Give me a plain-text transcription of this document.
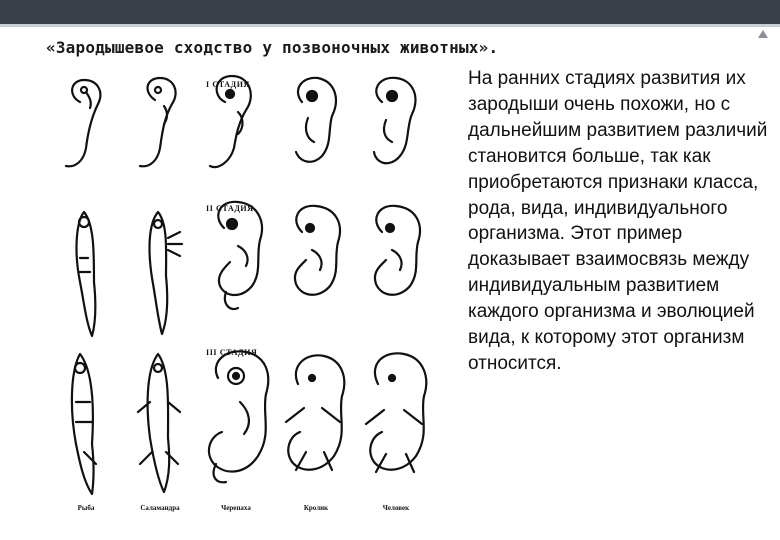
«Зародышевое сходство у позвоночных животных».
I СТАДИЯ
II СТАДИЯ
III СТАДИЯ
Рыба	Саламандра	Черепаха	Кролик	Человек

На ранних стадиях развития их зародыши очень похожи, но с дальнейшим развитием различий становится больше, так как приобретаются признаки класса, рода, вида, индивидуального организма. Этот пример доказывает взаимосвязь между индивидуальным развитием каждого организма и эволюцией вида, к которому этот организм относится.
